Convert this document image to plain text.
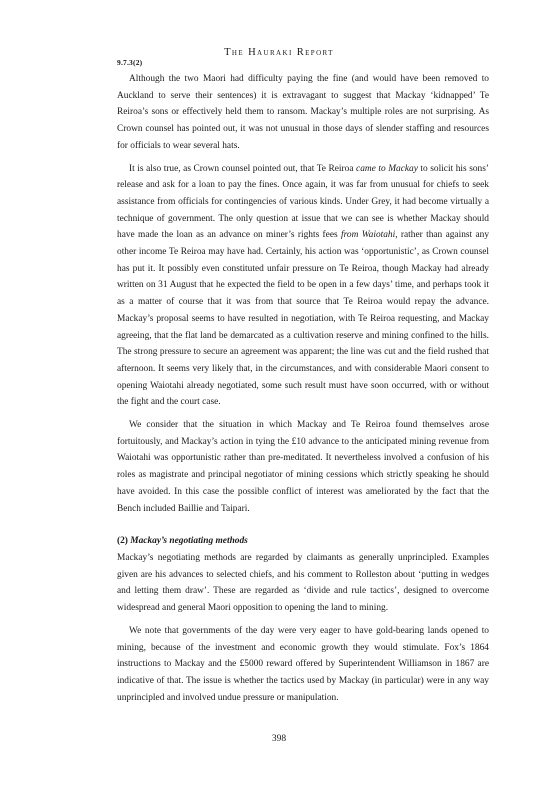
9.7.3(2)
The Hauraki Report

Although the two Maori had difficulty paying the fine (and would have been removed to Auckland to serve their sentences) it is extravagant to suggest that Mackay ‘kidnapped’ Te Reiroa’s sons or effectively held them to ransom. Mackay’s multiple roles are not surprising. As Crown counsel has pointed out, it was not unusual in those days of slender staffing and resources for officials to wear several hats.

It is also true, as Crown counsel pointed out, that Te Reiroa came to Mackay to solicit his sons’ release and ask for a loan to pay the fines. Once again, it was far from unusual for chiefs to seek assistance from officials for contingencies of various kinds. Under Grey, it had become virtually a technique of government. The only question at issue that we can see is whether Mackay should have made the loan as an advance on miner’s rights fees from Waiotahi, rather than against any other income Te Reiroa may have had. Certainly, his action was ‘opportunistic’, as Crown counsel has put it. It possibly even constituted unfair pressure on Te Reiroa, though Mackay had already written on 31 August that he expected the field to be open in a few days’ time, and perhaps took it as a matter of course that it was from that source that Te Reiroa would repay the advance. Mackay’s proposal seems to have resulted in negotiation, with Te Reiroa requesting, and Mackay agreeing, that the flat land be demarcated as a cultivation reserve and mining confined to the hills. The strong pressure to secure an agreement was apparent; the line was cut and the field rushed that afternoon. It seems very likely that, in the circumstances, and with considerable Maori consent to opening Waiotahi already negotiated, some such result must have soon occurred, with or without the fight and the court case.

We consider that the situation in which Mackay and Te Reiroa found themselves arose fortuitously, and Mackay’s action in tying the £10 advance to the anticipated mining revenue from Waiotahi was opportunistic rather than pre-meditated. It nevertheless involved a confusion of his roles as magistrate and principal negotiator of mining cessions which strictly speaking he should have avoided. In this case the possible conflict of interest was ameliorated by the fact that the Bench included Baillie and Taipari.

(2) Mackay’s negotiating methods

Mackay’s negotiating methods are regarded by claimants as generally unprincipled. Examples given are his advances to selected chiefs, and his comment to Rolleston about ‘putting in wedges and letting them draw’. These are regarded as ‘divide and rule tactics’, designed to overcome widespread and general Maori opposition to opening the land to mining.

We note that governments of the day were very eager to have gold-bearing lands opened to mining, because of the investment and economic growth they would stimulate. Fox’s 1864 instructions to Mackay and the £5000 reward offered by Superintendent Williamson in 1867 are indicative of that. The issue is whether the tactics used by Mackay (in particular) were in any way unprincipled and involved undue pressure or manipulation.

398
